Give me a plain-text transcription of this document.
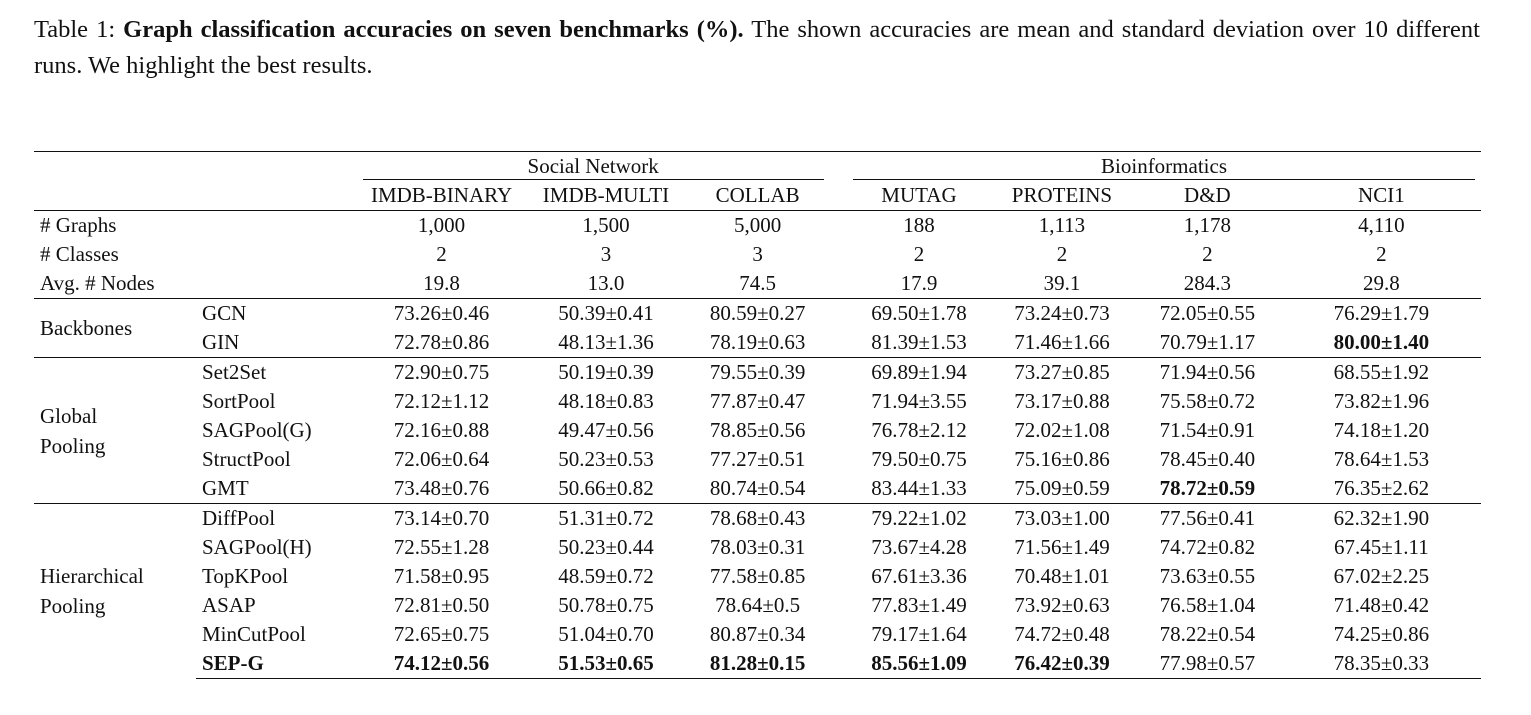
Table 1: Graph classification accuracies on seven benchmarks (%). The shown accuracies are mean and standard deviation over 10 different runs. We highlight the best results.

		Social Network				Bioinformatics			

		IMDB-BINARY	IMDB-MULTI	COLLAB		MUTAG	PROTEINS	D&D	NCI1
# Graphs		1,000	1,500	5,000		188	1,113	1,178	4,110
# Classes		2	3	3		2	2	2	2
Avg. # Nodes		19.8	13.0	74.5		17.9	39.1	284.3	29.8
Backbones	GCN	73.26±0.46	50.39±0.41	80.59±0.27		69.50±1.78	73.24±0.73	72.05±0.55	76.29±1.79
	GIN	72.78±0.86	48.13±1.36	78.19±0.63		81.39±1.53	71.46±1.66	70.79±1.17	80.00±1.40
Global Pooling	Set2Set	72.90±0.75	50.19±0.39	79.55±0.39		69.89±1.94	73.27±0.85	71.94±0.56	68.55±1.92
	SortPool	72.12±1.12	48.18±0.83	77.87±0.47		71.94±3.55	73.17±0.88	75.58±0.72	73.82±1.96
	SAGPool(G)	72.16±0.88	49.47±0.56	78.85±0.56		76.78±2.12	72.02±1.08	71.54±0.91	74.18±1.20
	StructPool	72.06±0.64	50.23±0.53	77.27±0.51		79.50±0.75	75.16±0.86	78.45±0.40	78.64±1.53
	GMT	73.48±0.76	50.66±0.82	80.74±0.54		83.44±1.33	75.09±0.59	78.72±0.59	76.35±2.62
Hierarchical Pooling	DiffPool	73.14±0.70	51.31±0.72	78.68±0.43		79.22±1.02	73.03±1.00	77.56±0.41	62.32±1.90
	SAGPool(H)	72.55±1.28	50.23±0.44	78.03±0.31		73.67±4.28	71.56±1.49	74.72±0.82	67.45±1.11
	TopKPool	71.58±0.95	48.59±0.72	77.58±0.85		67.61±3.36	70.48±1.01	73.63±0.55	67.02±2.25
	ASAP	72.81±0.50	50.78±0.75	78.64±0.5		77.83±1.49	73.92±0.63	76.58±1.04	71.48±0.42
	MinCutPool	72.65±0.75	51.04±0.70	80.87±0.34		79.17±1.64	74.72±0.48	78.22±0.54	74.25±0.86
	SEP-G	74.12±0.56	51.53±0.65	81.28±0.15		85.56±1.09	76.42±0.39	77.98±0.57	78.35±0.33
